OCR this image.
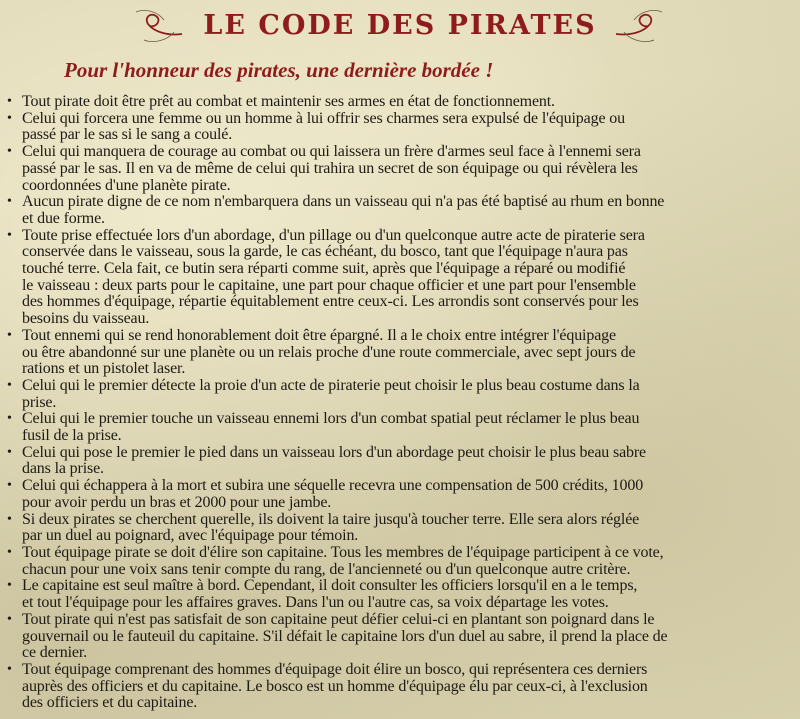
LE CODE DES PIRATES
Pour l'honneur des pirates, une dernière bordée !
• Tout pirate doit être prêt au combat et maintenir ses armes en état de fonctionnement.
• Celui qui forcera une femme ou un homme à lui offrir ses charmes sera expulsé de l'équipage ou
passé par le sas si le sang a coulé.
• Celui qui manquera de courage au combat ou qui laissera un frère d'armes seul face à l'ennemi sera
passé par le sas. Il en va de même de celui qui trahira un secret de son équipage ou qui révèlera les
coordonnées d'une planète pirate.
• Aucun pirate digne de ce nom n'embarquera dans un vaisseau qui n'a pas été baptisé au rhum en bonne
et due forme.
• Toute prise effectuée lors d'un abordage, d'un pillage ou d'un quelconque autre acte de piraterie sera
conservée dans le vaisseau, sous la garde, le cas échéant, du bosco, tant que l'équipage n'aura pas
touché terre. Cela fait, ce butin sera réparti comme suit, après que l'équipage a réparé ou modifié
le vaisseau : deux parts pour le capitaine, une part pour chaque officier et une part pour l'ensemble
des hommes d'équipage, répartie équitablement entre ceux-ci. Les arrondis sont conservés pour les
besoins du vaisseau.
• Tout ennemi qui se rend honorablement doit être épargné. Il a le choix entre intégrer l'équipage
ou être abandonné sur une planète ou un relais proche d'une route commerciale, avec sept jours de
rations et un pistolet laser.
• Celui qui le premier détecte la proie d'un acte de piraterie peut choisir le plus beau costume dans la
prise.
• Celui qui le premier touche un vaisseau ennemi lors d'un combat spatial peut réclamer le plus beau
fusil de la prise.
• Celui qui pose le premier le pied dans un vaisseau lors d'un abordage peut choisir le plus beau sabre
dans la prise.
• Celui qui échappera à la mort et subira une séquelle recevra une compensation de 500 crédits, 1000
pour avoir perdu un bras et 2000 pour une jambe.
• Si deux pirates se cherchent querelle, ils doivent la taire jusqu'à toucher terre. Elle sera alors réglée
par un duel au poignard, avec l'équipage pour témoin.
• Tout équipage pirate se doit d'élire son capitaine. Tous les membres de l'équipage participent à ce vote,
chacun pour une voix sans tenir compte du rang, de l'ancienneté ou d'un quelconque autre critère.
• Le capitaine est seul maître à bord. Cependant, il doit consulter les officiers lorsqu'il en a le temps,
et tout l'équipage pour les affaires graves. Dans l'un ou l'autre cas, sa voix départage les votes.
• Tout pirate qui n'est pas satisfait de son capitaine peut défier celui-ci en plantant son poignard dans le
gouvernail ou le fauteuil du capitaine. S'il défait le capitaine lors d'un duel au sabre, il prend la place de
ce dernier.
• Tout équipage comprenant des hommes d'équipage doit élire un bosco, qui représentera ces derniers
auprès des officiers et du capitaine. Le bosco est un homme d'équipage élu par ceux-ci, à l'exclusion
des officiers et du capitaine.
